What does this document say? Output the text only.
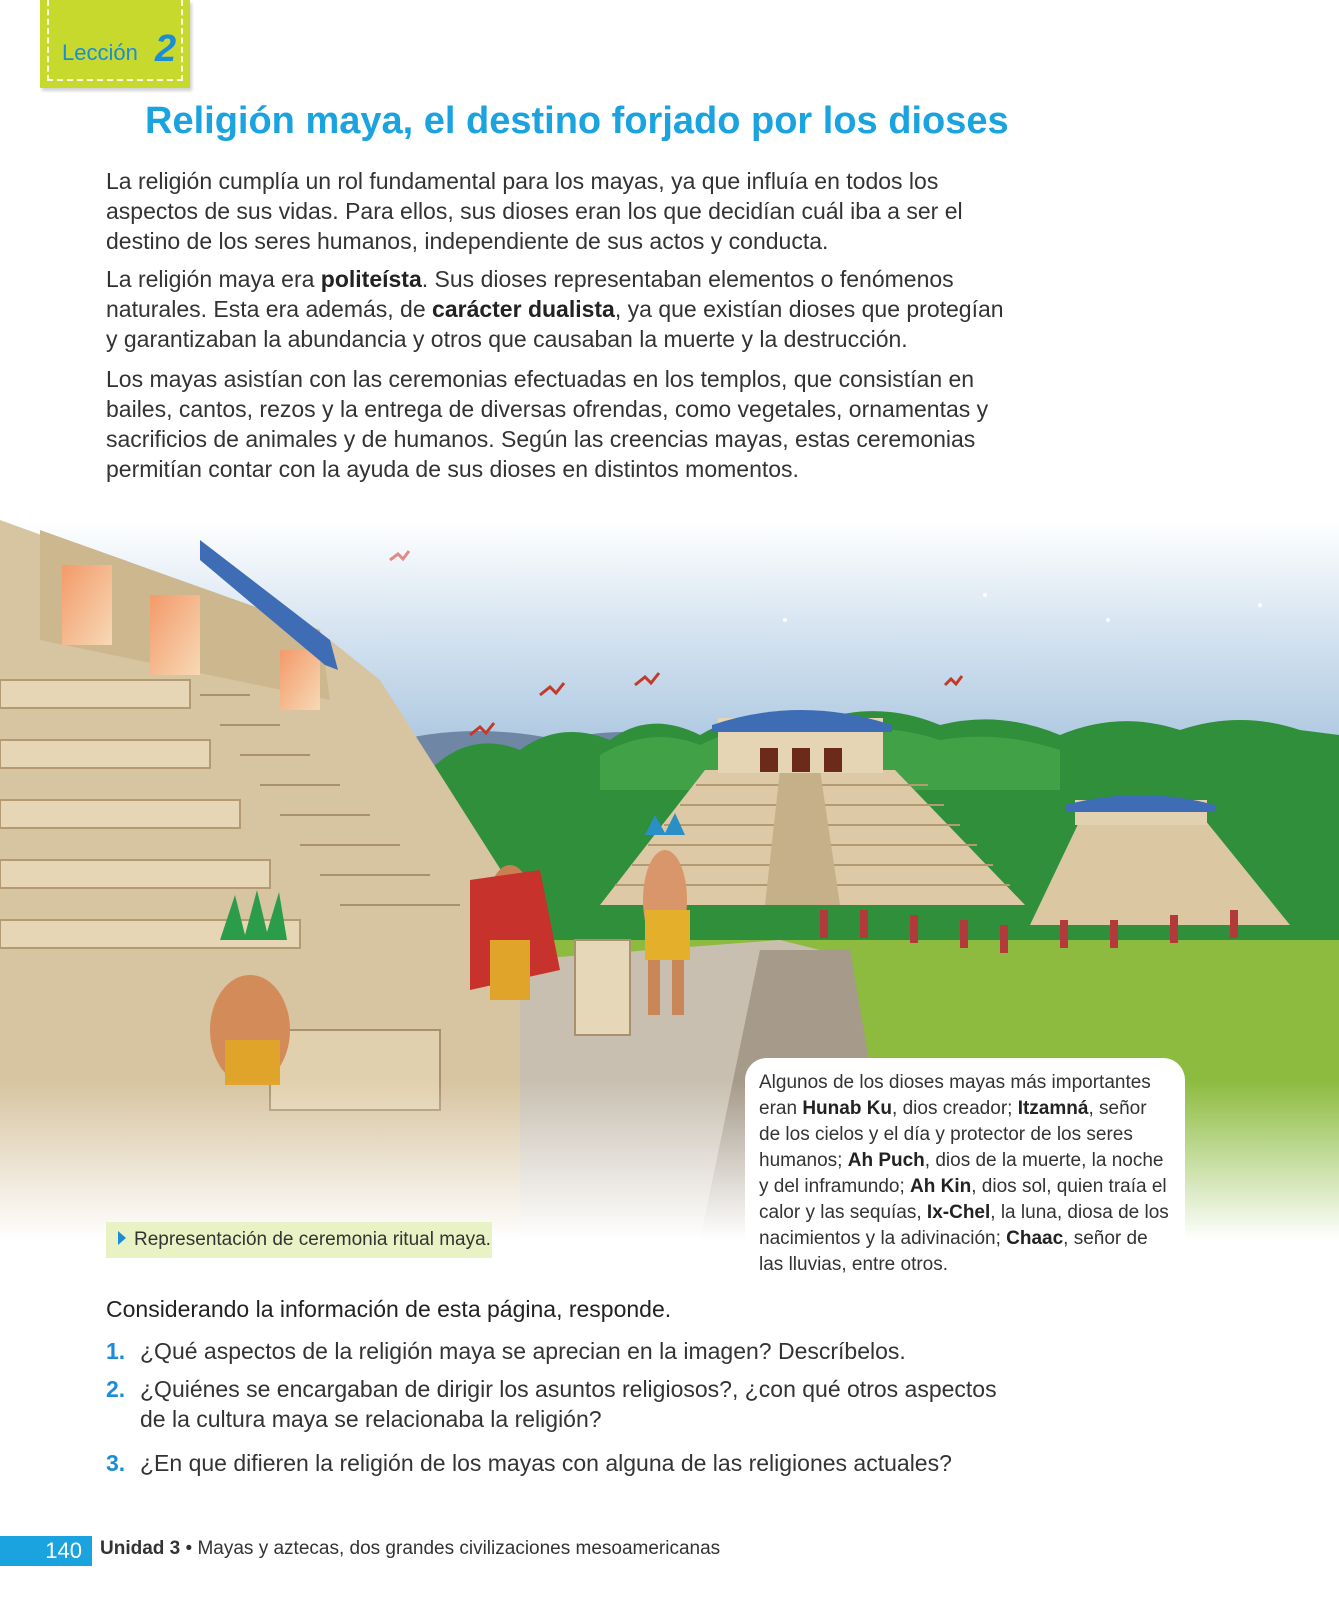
Lección 2
Religión maya, el destino forjado por los dioses

La religión cumplía un rol fundamental para los mayas, ya que influía en todos los aspectos de sus vidas. Para ellos, sus dioses eran los que decidían cuál iba a ser el destino de los seres humanos, independiente de sus actos y conducta.

La religión maya era politeísta. Sus dioses representaban elementos o fenómenos naturales. Esta era además, de carácter dualista, ya que existían dioses que protegían y garantizaban la abundancia y otros que causaban la muerte y la destrucción.

Los mayas asistían con las ceremonias efectuadas en los templos, que consistían en bailes, cantos, rezos y la entrega de diversas ofrendas, como vegetales, ornamentas y sacrificios de animales y de humanos. Según las creencias mayas, estas ceremonias permitían contar con la ayuda de sus dioses en distintos momentos.

Representación de ceremonia ritual maya.
Algunos de los dioses mayas más importantes eran Hunab Ku, dios creador; Itzamná, señor de los cielos y el día y protector de los seres humanos; Ah Puch, dios de la muerte, la noche y del inframundo; Ah Kin, dios sol, quien traía el calor y las sequías, Ix-Chel, la luna, diosa de los nacimientos y la adivinación; Chaac, señor de las lluvias, entre otros.

Considerando la información de esta página, responde.

1. ¿Qué aspectos de la religión maya se aprecian en la imagen? Descríbelos.
2. ¿Quiénes se encargaban de dirigir los asuntos religiosos?, ¿con qué otros aspectos de la cultura maya se relacionaba la religión?
3. ¿En que difieren la religión de los mayas con alguna de las religiones actuales?
140 Unidad 3 • Mayas y aztecas, dos grandes civilizaciones mesoamericanas
